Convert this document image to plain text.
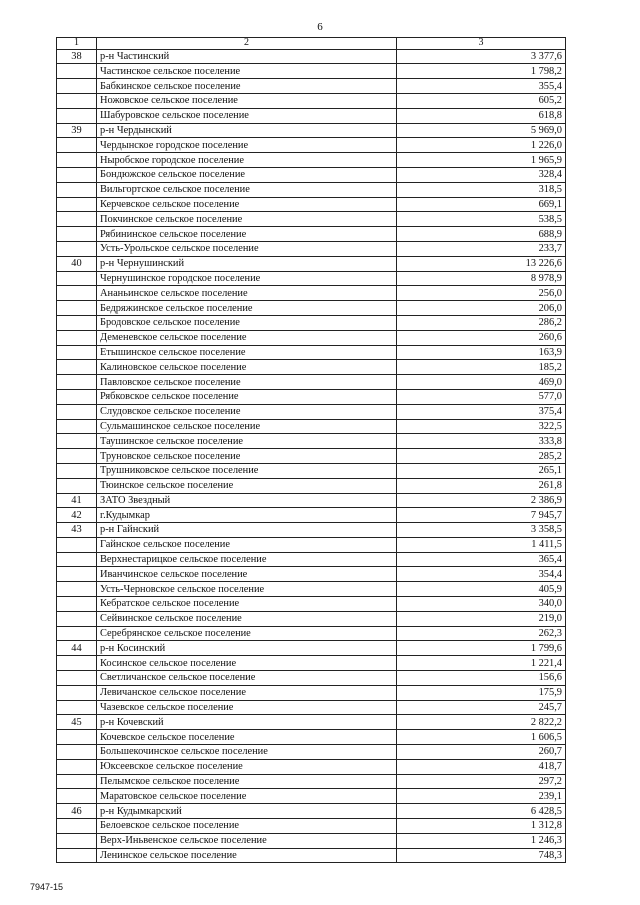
6
1	2	3
38	р-н Частинский	3 377,6
	Частинское сельское поселение	1 798,2
	Бабкинское сельское поселение	355,4
	Ножовское сельское поселение	605,2
	Шабуровское сельское поселение	618,8
39	р-н Чердынский	5 969,0
	Чердынское городское поселение	1 226,0
	Ныробское городское поселение	1 965,9
	Бондюжское сельское поселение	328,4
	Вильгортское сельское поселение	318,5
	Керчевское сельское поселение	669,1
	Покчинское сельское поселение	538,5
	Рябининское сельское поселение	688,9
	Усть-Урольское сельское поселение	233,7
40	р-н Чернушинский	13 226,6
	Чернушинское городское поселение	8 978,9
	Ананьинское сельское поселение	256,0
	Бедряжинское сельское поселение	206,0
	Бродовское сельское поселение	286,2
	Деменевское сельское поселение	260,6
	Етышинское сельское поселение	163,9
	Калиновское сельское поселение	185,2
	Павловское сельское поселение	469,0
	Рябковское сельское поселение	577,0
	Слудовское сельское поселение	375,4
	Сульмашинское сельское поселение	322,5
	Таушинское сельское поселение	333,8
	Труновское сельское поселение	285,2
	Трушниковское сельское поселение	265,1
	Тюинское сельское поселение	261,8
41	ЗАТО Звездный	2 386,9
42	г.Кудымкар	7 945,7
43	р-н Гайнский	3 358,5
	Гайнское сельское поселение	1 411,5
	Верхнестарицкое сельское поселение	365,4
	Иванчинское сельское поселение	354,4
	Усть-Черновское сельское поселение	405,9
	Кебратское сельское поселение	340,0
	Сейвинское сельское поселение	219,0
	Серебрянское сельское поселение	262,3
44	р-н Косинский	1 799,6
	Косинское сельское поселение	1 221,4
	Светличанское сельское поселение	156,6
	Левичанское сельское поселение	175,9
	Чазевское сельское поселение	245,7
45	р-н Кочевский	2 822,2
	Кочевское сельское поселение	1 606,5
	Большекочинское сельское поселение	260,7
	Юксеевское сельское поселение	418,7
	Пелымское сельское поселение	297,2
	Маратовское сельское поселение	239,1
46	р-н Кудымкарский	6 428,5
	Белоевское сельское поселение	1 312,8
	Верх-Иньвенское сельское поселение	1 246,3
	Ленинское сельское поселение	748,3
7947-15
